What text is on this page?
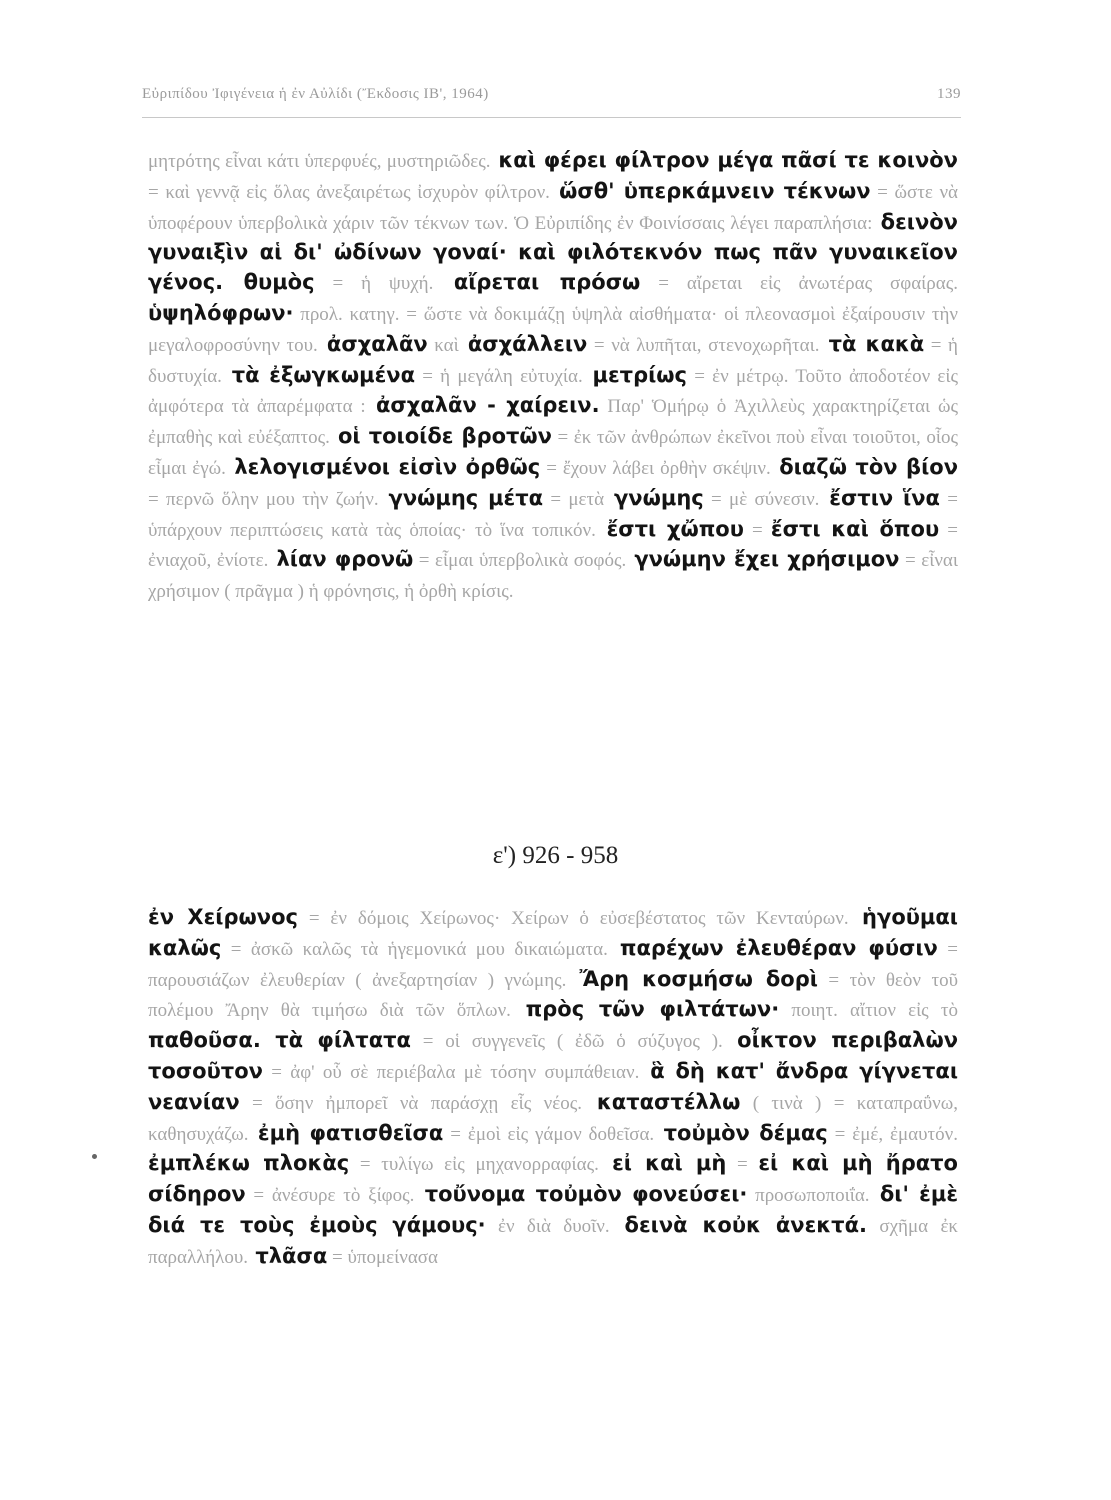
Εὐριπίδου Ἰφιγένεια ἡ ἐν Αὐλίδι (Ἔκδοσις ΙΒ', 1964)	139
μητρότης εἶναι κάτι ὑπερφυές, μυστηριῶδες. καὶ φέρει φίλτρον μέγα πᾶσί τε κοινὸν = καὶ γεννᾷ εἰς ὅλας ἀνεξαιρέτως ἰσχυρὸν φίλτρον. ὥσθ' ὑπερκάμνειν τέκνων = ὥστε νὰ ὑποφέρουν ὑπερβολικὰ χάριν τῶν τέκνων των. Ὁ Εὐριπίδης ἐν Φοινίσσαις λέγει παραπλήσια: δεινὸν γυναιξὶν αἱ δι' ὠδίνων γοναί· καὶ φιλότεκνόν πως πᾶν γυναικεῖον γένος. θυμὸς = ἡ ψυχή. αἴρεται πρόσω = αἴρεται εἰς ἀνωτέρας σφαίρας. ὑψηλόφρων· προλ. κατηγ. = ὥστε νὰ δοκιμάζῃ ὑψηλὰ αἰσθήματα· οἱ πλεονασμοὶ ἐξαίρουσιν τὴν μεγαλοφροσύνην του. ἀσχαλᾶν καὶ ἀσχάλλειν = νὰ λυπῆται, στενοχωρῆται. τὰ κακὰ = ἡ δυστυχία. τὰ ἐξωγκωμένα = ἡ μεγάλη εὐτυχία. μετρίως = ἐν μέτρῳ. Τοῦτο ἀποδοτέον εἰς ἀμφότερα τὰ ἀπαρέμφατα : ἀσχαλᾶν - χαίρειν. Παρ' Ὁμήρῳ ὁ Ἀχιλλεὺς χαρακτηρίζεται ὡς ἐμπαθὴς καὶ εὐέξαπτος. οἱ τοιοίδε βροτῶν = ἐκ τῶν ἀνθρώπων ἐκεῖνοι ποὺ εἶναι τοιοῦτοι, οἷος εἶμαι ἐγώ. λελογισμένοι εἰσὶν ὀρθῶς = ἔχουν λάβει ὀρθὴν σκέψιν. διαζῶ τὸν βίον = περνῶ ὅλην μου τὴν ζωήν. γνώμης μέτα = μετὰ γνώμης = μὲ σύνεσιν. ἔστιν ἵνα = ὑπάρχουν περιπτώσεις κατὰ τὰς ὁποίας· τὸ ἵνα τοπικόν. ἔστι χὤπου = ἔστι καὶ ὅπου = ἐνιαχοῦ, ἐνίοτε. λίαν φρονῶ = εἶμαι ὑπερβολικὰ σοφός. γνώμην ἔχει χρήσιμον = εἶναι χρήσιμον ( πρᾶγμα ) ἡ φρόνησις, ἡ ὀρθὴ κρίσις.
ε') 926 - 958
ἐν Χείρωνος = ἐν δόμοις Χείρωνος· Χείρων ὁ εὐσεβέστατος τῶν Κενταύρων. ἡγοῦμαι καλῶς = ἀσκῶ καλῶς τὰ ἡγεμονικά μου δικαιώματα. παρέχων ἐλευθέραν φύσιν = παρουσιάζων ἐλευθερίαν ( ἀνεξαρτησίαν ) γνώμης. Ἄρη κοσμήσω δορὶ = τὸν θεὸν τοῦ πολέμου Ἄρην θὰ τιμήσω διὰ τῶν ὅπλων. πρὸς τῶν φιλτάτων· ποιητ. αἴτιον εἰς τὸ παθοῦσα. τὰ φίλτατα = οἱ συγγενεῖς ( ἐδῶ ὁ σύζυγος ). οἶκτον περιβαλὼν τοσοῦτον = ἀφ' οὗ σὲ περιέβαλα μὲ τόσην συμπάθειαν. ἃ δὴ κατ' ἄνδρα γίγνεται νεανίαν = ὅσην ἠμπορεῖ νὰ παράσχῃ εἷς νέος. καταστέλλω ( τινὰ ) = καταπραΰνω, καθησυχάζω. ἐμὴ φατισθεῖσα = ἐμοὶ εἰς γάμον δοθεῖσα. τοὐμὸν δέμας = ἐμέ, ἐμαυτόν. ἐμπλέκω πλοκὰς = τυλίγω εἰς μηχανορραφίας. εἰ καὶ μὴ = εἰ καὶ μὴ ἤρατο σίδηρον = ἀνέσυρε τὸ ξίφος. τοὔνομα τοὐμὸν φονεύσει· προσωποποιΐα. δι' ἐμὲ διά τε τοὺς ἐμοὺς γάμους· ἐν διὰ δυοῖν. δεινὰ κοὐκ ἀνεκτά. σχῆμα ἐκ παραλλήλου. τλᾶσα = ὑπομείνασα
